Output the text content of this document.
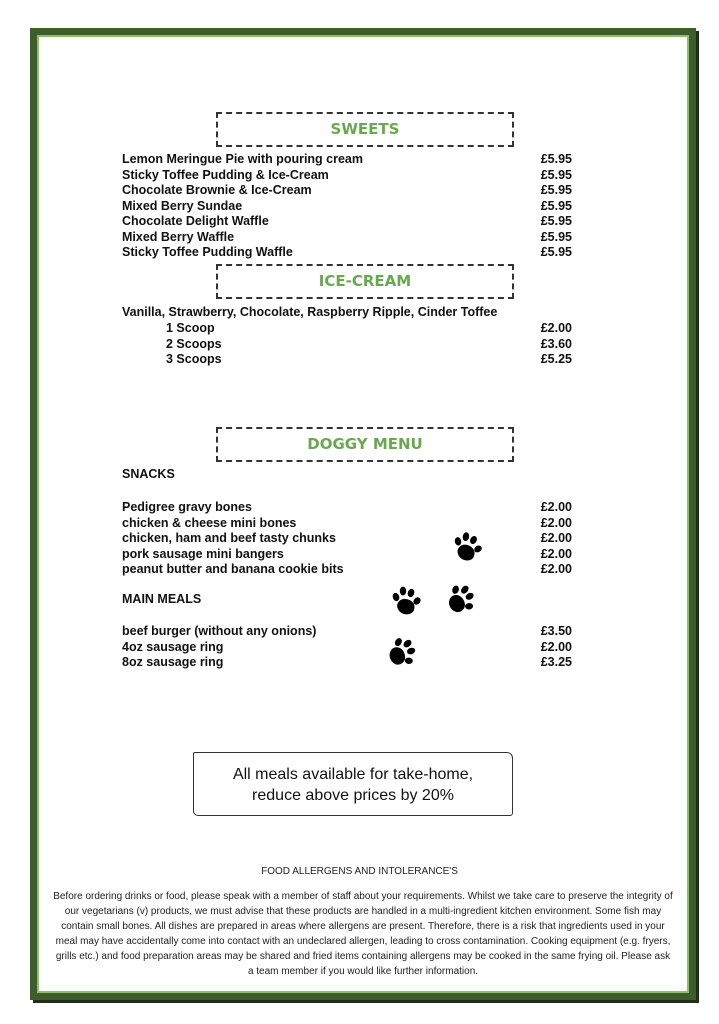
SWEETS
Lemon Meringue Pie with pouring cream	£5.95
Sticky Toffee Pudding & Ice-Cream	£5.95
Chocolate Brownie & Ice-Cream	£5.95
Mixed Berry Sundae	£5.95
Chocolate Delight Waffle	£5.95
Mixed Berry Waffle	£5.95
Sticky Toffee Pudding Waffle	£5.95
ICE-CREAM
Vanilla, Strawberry, Chocolate, Raspberry Ripple, Cinder Toffee
1 Scoop	£2.00
2 Scoops	£3.60
3 Scoops	£5.25
DOGGY MENU
SNACKS
Pedigree gravy bones	£2.00
chicken & cheese mini bones	£2.00
chicken, ham and beef tasty chunks	£2.00
pork sausage mini bangers	£2.00
peanut butter and banana cookie bits	£2.00
MAIN MEALS
beef burger (without any onions)	£3.50
4oz sausage ring	£2.00
8oz sausage ring	£3.25
All meals available for take-home,
reduce above prices by 20%
FOOD ALLERGENS AND INTOLERANCE'S
Before ordering drinks or food, please speak with a member of staff about your requirements. Whilst we take care to preserve the integrity of our vegetarians (v) products, we must advise that these products are handled in a multi-ingredient kitchen environment. Some fish may contain small bones. All dishes are prepared in areas where allergens are present. Therefore, there is a risk that ingredients used in your meal may have accidentally come into contact with an undeclared allergen, leading to cross contamination. Cooking equipment (e.g. fryers, grills etc.) and food preparation areas may be shared and fried items containing allergens may be cooked in the same frying oil. Please ask a team member if you would like further information.
